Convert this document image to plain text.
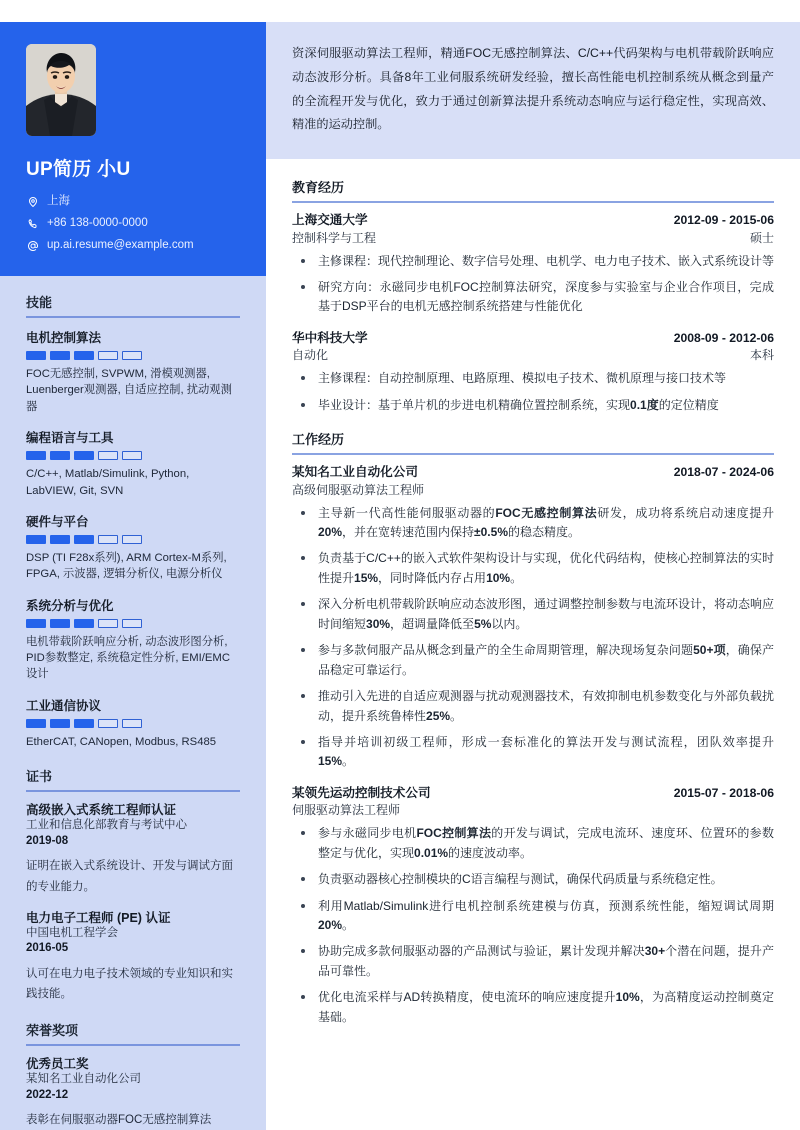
UP简历 小U
上海
+86 138-0000-0000
up.ai.resume@example.com
技能
电机控制算法
FOC无感控制, SVPWM, 滑模观测器, Luenberger观测器, 自适应控制, 扰动观测器
编程语言与工具
C/C++, Matlab/Simulink, Python, LabVIEW, Git, SVN
硬件与平台
DSP (TI F28x系列), ARM Cortex-M系列, FPGA, 示波器, 逻辑分析仪, 电源分析仪
系统分析与优化
电机带载阶跃响应分析, 动态波形图分析, PID参数整定, 系统稳定性分析, EMI/EMC设计
工业通信协议
EtherCAT, CANopen, Modbus, RS485
证书
高级嵌入式系统工程师认证
工业和信息化部教育与考试中心
2019-08
证明在嵌入式系统设计、开发与调试方面的专业能力。
电力电子工程师 (PE) 认证
中国电机工程学会
2016-05
认可在电力电子技术领域的专业知识和实践技能。
荣誉奖项
优秀员工奖
某知名工业自动化公司
2022-12
表彰在伺服驱动器FOC无感控制算法
资深伺服驱动算法工程师，精通FOC无感控制算法、C/C++代码架构与电机带载阶跃响应动态波形分析。具备8年工业伺服系统研发经验，擅长高性能电机控制系统从概念到量产的全流程开发与优化，致力于通过创新算法提升系统动态响应与运行稳定性，实现高效、精准的运动控制。
教育经历
上海交通大学	2012-09 - 2015-06
控制科学与工程	硕士
主修课程：现代控制理论、数字信号处理、电机学、电力电子技术、嵌入式系统设计等
研究方向：永磁同步电机FOC控制算法研究，深度参与实验室与企业合作项目，完成基于DSP平台的电机无感控制系统搭建与性能优化
华中科技大学	2008-09 - 2012-06
自动化	本科
主修课程：自动控制原理、电路原理、模拟电子技术、微机原理与接口技术等
毕业设计：基于单片机的步进电机精确位置控制系统，实现0.1度的定位精度
工作经历
某知名工业自动化公司	2018-07 - 2024-06
高级伺服驱动算法工程师
主导新一代高性能伺服驱动器的FOC无感控制算法研发，成功将系统启动速度提升20%，并在宽转速范围内保持±0.5%的稳态精度。
负责基于C/C++的嵌入式软件架构设计与实现，优化代码结构，使核心控制算法的实时性提升15%，同时降低内存占用10%。
深入分析电机带载阶跃响应动态波形图，通过调整控制参数与电流环设计，将动态响应时间缩短30%，超调量降低至5%以内。
参与多款伺服产品从概念到量产的全生命周期管理，解决现场复杂问题50+项，确保产品稳定可靠运行。
推动引入先进的自适应观测器与扰动观测器技术，有效抑制电机参数变化与外部负载扰动，提升系统鲁棒性25%。
指导并培训初级工程师，形成一套标准化的算法开发与测试流程，团队效率提升15%。
某领先运动控制技术公司	2015-07 - 2018-06
伺服驱动算法工程师
参与永磁同步电机FOC控制算法的开发与调试，完成电流环、速度环、位置环的参数整定与优化，实现0.01%的速度波动率。
负责驱动器核心控制模块的C语言编程与测试，确保代码质量与系统稳定性。
利用Matlab/Simulink进行电机控制系统建模与仿真，预测系统性能，缩短调试周期20%。
协助完成多款伺服驱动器的产品测试与验证，累计发现并解决30+个潜在问题，提升产品可靠性。
优化电流采样与AD转换精度，使电流环的响应速度提升10%，为高精度运动控制奠定基础。
